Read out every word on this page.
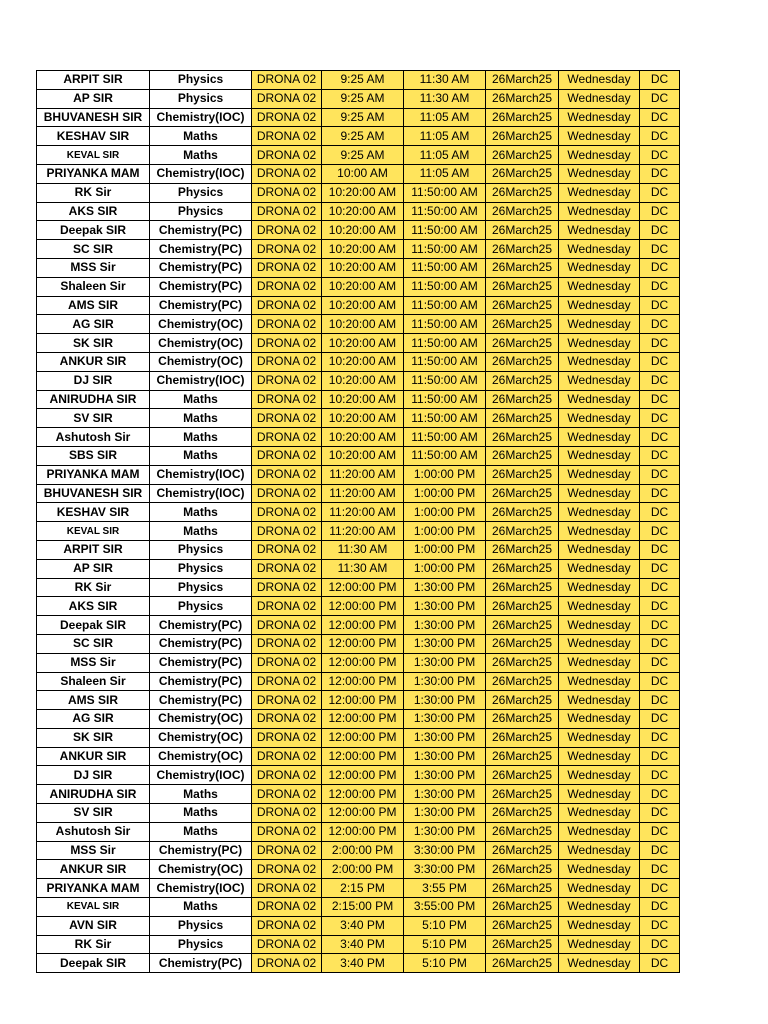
ARPIT SIR	Physics	DRONA 02	9:25 AM	11:30 AM	26March25	Wednesday	DC
AP SIR	Physics	DRONA 02	9:25 AM	11:30 AM	26March25	Wednesday	DC
BHUVANESH SIR	Chemistry(IOC)	DRONA 02	9:25 AM	11:05 AM	26March25	Wednesday	DC
KESHAV SIR	Maths	DRONA 02	9:25 AM	11:05 AM	26March25	Wednesday	DC
KEVAL SIR	Maths	DRONA 02	9:25 AM	11:05 AM	26March25	Wednesday	DC
PRIYANKA MAM	Chemistry(IOC)	DRONA 02	10:00 AM	11:05 AM	26March25	Wednesday	DC
RK Sir	Physics	DRONA 02	10:20:00 AM	11:50:00 AM	26March25	Wednesday	DC
AKS SIR	Physics	DRONA 02	10:20:00 AM	11:50:00 AM	26March25	Wednesday	DC
Deepak SIR	Chemistry(PC)	DRONA 02	10:20:00 AM	11:50:00 AM	26March25	Wednesday	DC
SC SIR	Chemistry(PC)	DRONA 02	10:20:00 AM	11:50:00 AM	26March25	Wednesday	DC
MSS Sir	Chemistry(PC)	DRONA 02	10:20:00 AM	11:50:00 AM	26March25	Wednesday	DC
Shaleen Sir	Chemistry(PC)	DRONA 02	10:20:00 AM	11:50:00 AM	26March25	Wednesday	DC
AMS SIR	Chemistry(PC)	DRONA 02	10:20:00 AM	11:50:00 AM	26March25	Wednesday	DC
AG SIR	Chemistry(OC)	DRONA 02	10:20:00 AM	11:50:00 AM	26March25	Wednesday	DC
SK SIR	Chemistry(OC)	DRONA 02	10:20:00 AM	11:50:00 AM	26March25	Wednesday	DC
ANKUR SIR	Chemistry(OC)	DRONA 02	10:20:00 AM	11:50:00 AM	26March25	Wednesday	DC
DJ SIR	Chemistry(IOC)	DRONA 02	10:20:00 AM	11:50:00 AM	26March25	Wednesday	DC
ANIRUDHA SIR	Maths	DRONA 02	10:20:00 AM	11:50:00 AM	26March25	Wednesday	DC
SV SIR	Maths	DRONA 02	10:20:00 AM	11:50:00 AM	26March25	Wednesday	DC
Ashutosh Sir	Maths	DRONA 02	10:20:00 AM	11:50:00 AM	26March25	Wednesday	DC
SBS SIR	Maths	DRONA 02	10:20:00 AM	11:50:00 AM	26March25	Wednesday	DC
PRIYANKA MAM	Chemistry(IOC)	DRONA 02	11:20:00 AM	1:00:00 PM	26March25	Wednesday	DC
BHUVANESH SIR	Chemistry(IOC)	DRONA 02	11:20:00 AM	1:00:00 PM	26March25	Wednesday	DC
KESHAV SIR	Maths	DRONA 02	11:20:00 AM	1:00:00 PM	26March25	Wednesday	DC
KEVAL SIR	Maths	DRONA 02	11:20:00 AM	1:00:00 PM	26March25	Wednesday	DC
ARPIT SIR	Physics	DRONA 02	11:30 AM	1:00:00 PM	26March25	Wednesday	DC
AP SIR	Physics	DRONA 02	11:30 AM	1:00:00 PM	26March25	Wednesday	DC
RK Sir	Physics	DRONA 02	12:00:00 PM	1:30:00 PM	26March25	Wednesday	DC
AKS SIR	Physics	DRONA 02	12:00:00 PM	1:30:00 PM	26March25	Wednesday	DC
Deepak SIR	Chemistry(PC)	DRONA 02	12:00:00 PM	1:30:00 PM	26March25	Wednesday	DC
SC SIR	Chemistry(PC)	DRONA 02	12:00:00 PM	1:30:00 PM	26March25	Wednesday	DC
MSS Sir	Chemistry(PC)	DRONA 02	12:00:00 PM	1:30:00 PM	26March25	Wednesday	DC
Shaleen Sir	Chemistry(PC)	DRONA 02	12:00:00 PM	1:30:00 PM	26March25	Wednesday	DC
AMS SIR	Chemistry(PC)	DRONA 02	12:00:00 PM	1:30:00 PM	26March25	Wednesday	DC
AG SIR	Chemistry(OC)	DRONA 02	12:00:00 PM	1:30:00 PM	26March25	Wednesday	DC
SK SIR	Chemistry(OC)	DRONA 02	12:00:00 PM	1:30:00 PM	26March25	Wednesday	DC
ANKUR SIR	Chemistry(OC)	DRONA 02	12:00:00 PM	1:30:00 PM	26March25	Wednesday	DC
DJ SIR	Chemistry(IOC)	DRONA 02	12:00:00 PM	1:30:00 PM	26March25	Wednesday	DC
ANIRUDHA SIR	Maths	DRONA 02	12:00:00 PM	1:30:00 PM	26March25	Wednesday	DC
SV SIR	Maths	DRONA 02	12:00:00 PM	1:30:00 PM	26March25	Wednesday	DC
Ashutosh Sir	Maths	DRONA 02	12:00:00 PM	1:30:00 PM	26March25	Wednesday	DC
MSS Sir	Chemistry(PC)	DRONA 02	2:00:00 PM	3:30:00 PM	26March25	Wednesday	DC
ANKUR SIR	Chemistry(OC)	DRONA 02	2:00:00 PM	3:30:00 PM	26March25	Wednesday	DC
PRIYANKA MAM	Chemistry(IOC)	DRONA 02	2:15 PM	3:55 PM	26March25	Wednesday	DC
KEVAL SIR	Maths	DRONA 02	2:15:00 PM	3:55:00 PM	26March25	Wednesday	DC
AVN SIR	Physics	DRONA 02	3:40 PM	5:10 PM	26March25	Wednesday	DC
RK Sir	Physics	DRONA 02	3:40 PM	5:10 PM	26March25	Wednesday	DC
Deepak SIR	Chemistry(PC)	DRONA 02	3:40 PM	5:10 PM	26March25	Wednesday	DC
